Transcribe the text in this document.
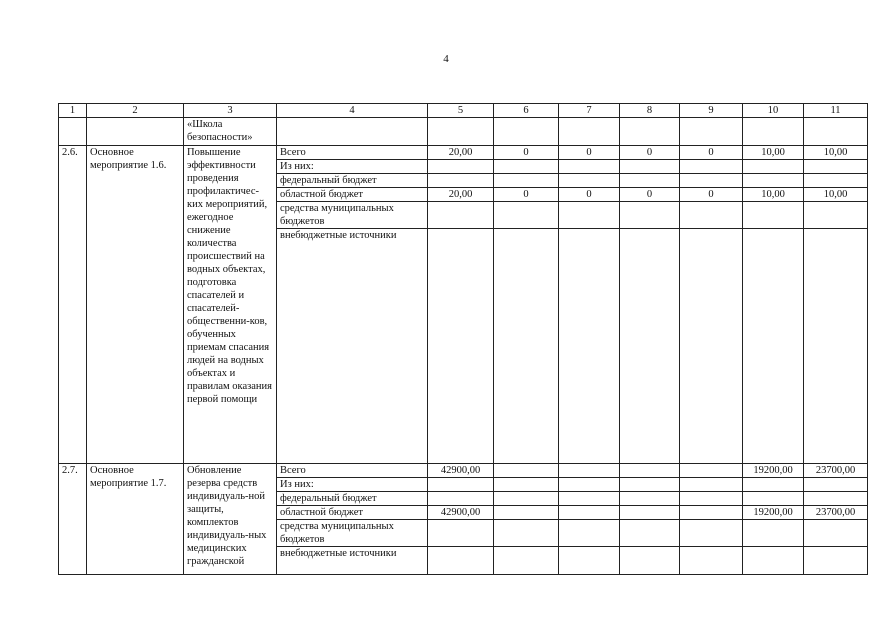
4
1	2	3	4	5	6	7	8	9	10	11
		«Школа безопасности»								
2.6.	Основное мероприятие 1.6.	Повышение эффективности проведения профилактичес-ких мероприятий, ежегодное снижение количества происшествий на водных объектах, подготовка спасателей и спасателей-общественни-ков, обученных приемам спасания людей на водных объектах и правилам оказания первой помощи	Всего	20,00	0	0	0	0	10,00	10,00
			Из них:							
			федеральный бюджет							
			областной бюджет	20,00	0	0	0	0	10,00	10,00
			средства муниципальных бюджетов							
			внебюджетные источники							
2.7.	Основное мероприятие 1.7.	Обновление резерва средств индивидуаль-ной защиты, комплектов индивидуаль-ных медицинских гражданской	Всего	42900,00					19200,00	23700,00
			Из них:							
			федеральный бюджет							
			областной бюджет	42900,00					19200,00	23700,00
			средства муниципальных бюджетов							
			внебюджетные источники							
